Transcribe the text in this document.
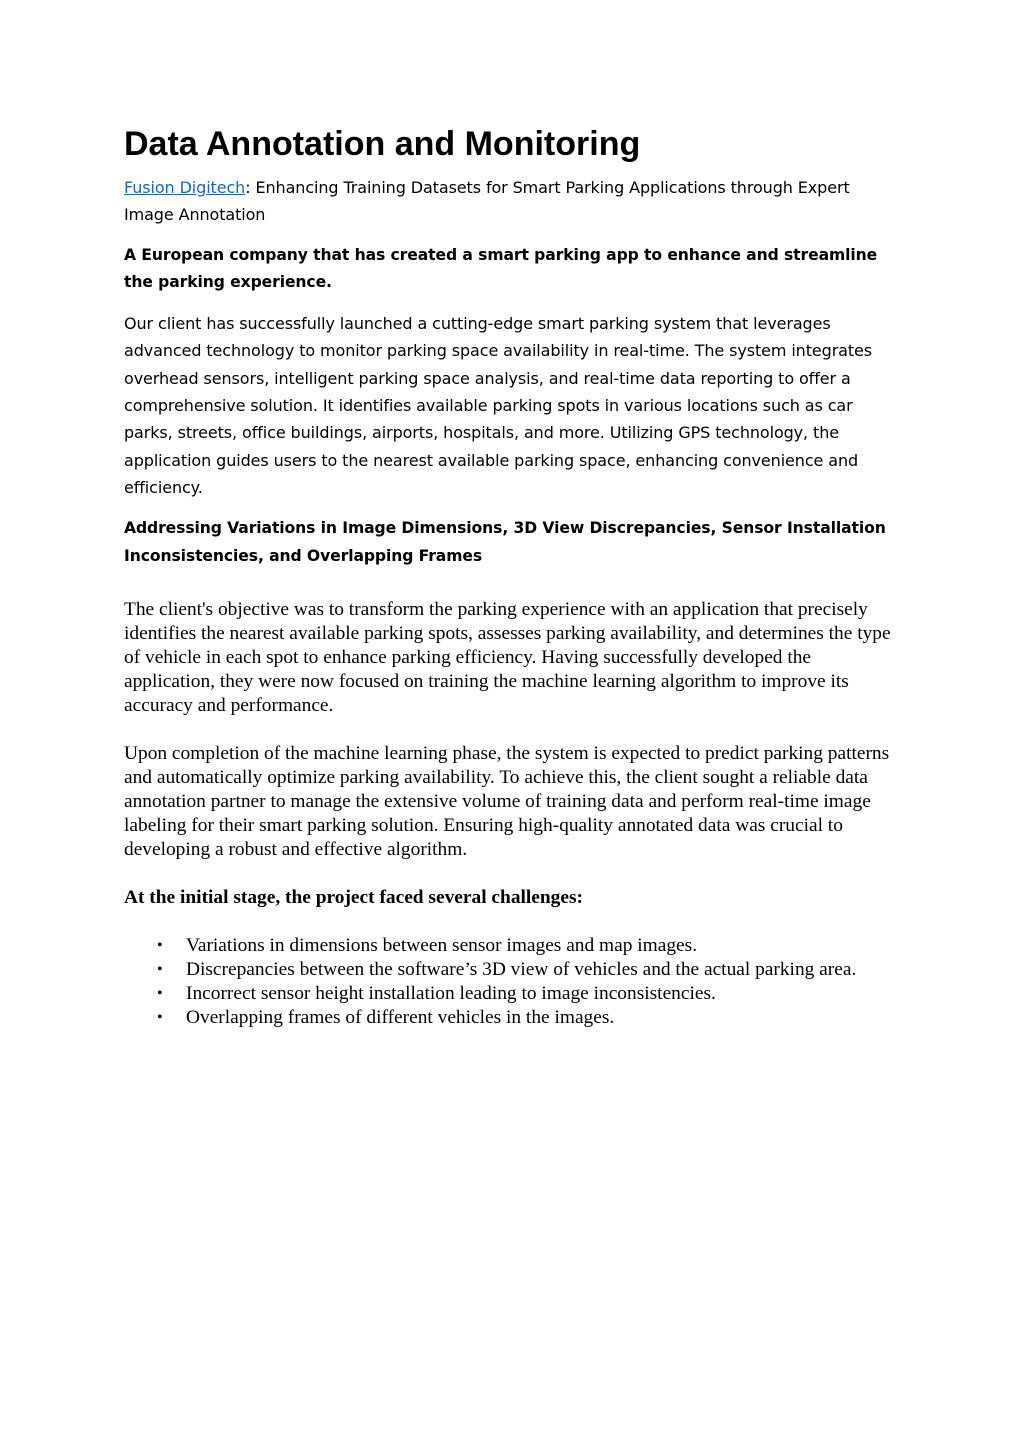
Data Annotation and Monitoring

Fusion Digitech: Enhancing Training Datasets for Smart Parking Applications through Expert Image Annotation

A European company that has created a smart parking app to enhance and streamline the parking experience.

Our client has successfully launched a cutting-edge smart parking system that leverages advanced technology to monitor parking space availability in real-time. The system integrates overhead sensors, intelligent parking space analysis, and real-time data reporting to offer a comprehensive solution. It identifies available parking spots in various locations such as car parks, streets, office buildings, airports, hospitals, and more. Utilizing GPS technology, the application guides users to the nearest available parking space, enhancing convenience and efficiency.

Addressing Variations in Image Dimensions, 3D View Discrepancies, Sensor Installation Inconsistencies, and Overlapping Frames

The client's objective was to transform the parking experience with an application that precisely identifies the nearest available parking spots, assesses parking availability, and determines the type of vehicle in each spot to enhance parking efficiency. Having successfully developed the application, they were now focused on training the machine learning algorithm to improve its accuracy and performance.

Upon completion of the machine learning phase, the system is expected to predict parking patterns and automatically optimize parking availability. To achieve this, the client sought a reliable data annotation partner to manage the extensive volume of training data and perform real-time image labeling for their smart parking solution. Ensuring high-quality annotated data was crucial to developing a robust and effective algorithm.

At the initial stage, the project faced several challenges:

• Variations in dimensions between sensor images and map images.
• Discrepancies between the software’s 3D view of vehicles and the actual parking area.
• Incorrect sensor height installation leading to image inconsistencies.
• Overlapping frames of different vehicles in the images.
